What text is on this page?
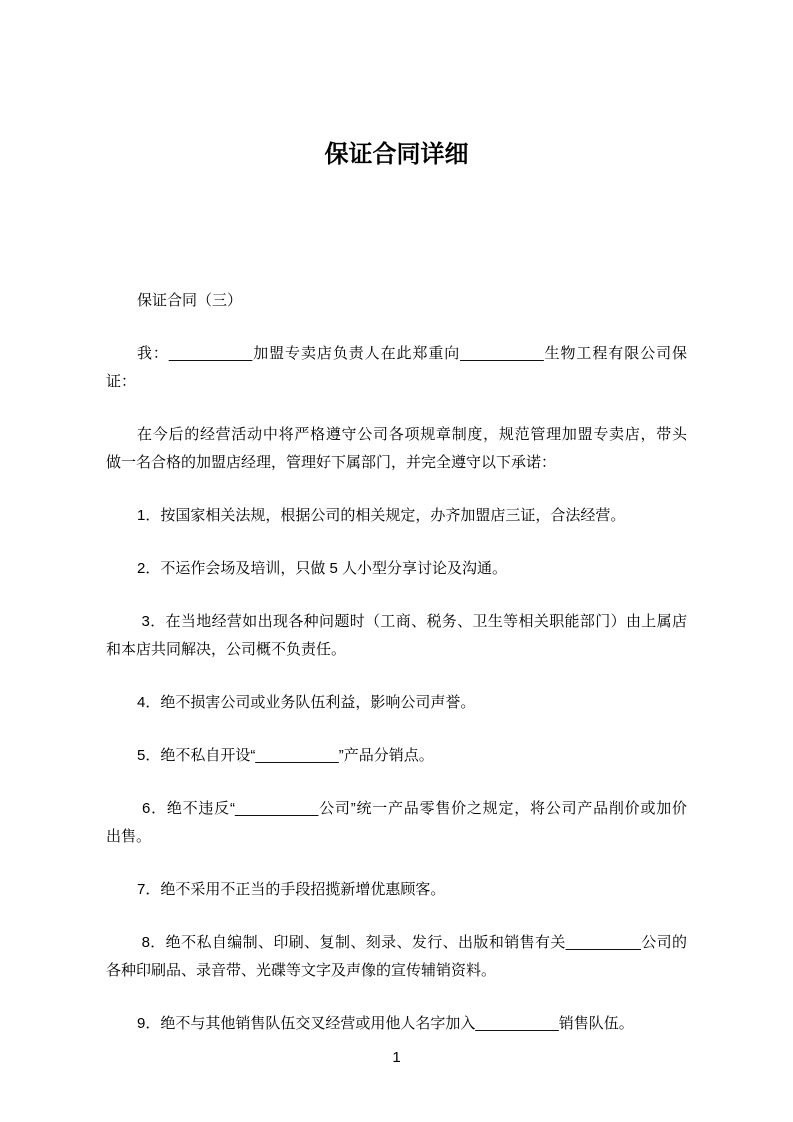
保证合同详细
保证合同（三）
我：__________加盟专卖店负责人在此郑重向__________生物工程有限公司保证：
在今后的经营活动中将严格遵守公司各项规章制度，规范管理加盟专卖店，带头
做一名合格的加盟店经理，管理好下属部门，并完全遵守以下承诺：
1．按国家相关法规，根据公司的相关规定，办齐加盟店三证，合法经营。
2．不运作会场及培训，只做 5 人小型分享讨论及沟通。
3．在当地经营如出现各种问题时（工商、税务、卫生等相关职能部门）由上属店
和本店共同解决，公司概不负责任。
4．绝不损害公司或业务队伍利益，影响公司声誉。
5．绝不私自开设“__________”产品分销点。
6．绝不违反“__________公司”统一产品零售价之规定，将公司产品削价或加价
出售。
7．绝不采用不正当的手段招揽新增优惠顾客。
8．绝不私自编制、印刷、复制、刻录、发行、出版和销售有关_________公司的
各种印刷品、录音带、光碟等文字及声像的宣传辅销资料。
9．绝不与其他销售队伍交叉经营或用他人名字加入__________销售队伍。
1
